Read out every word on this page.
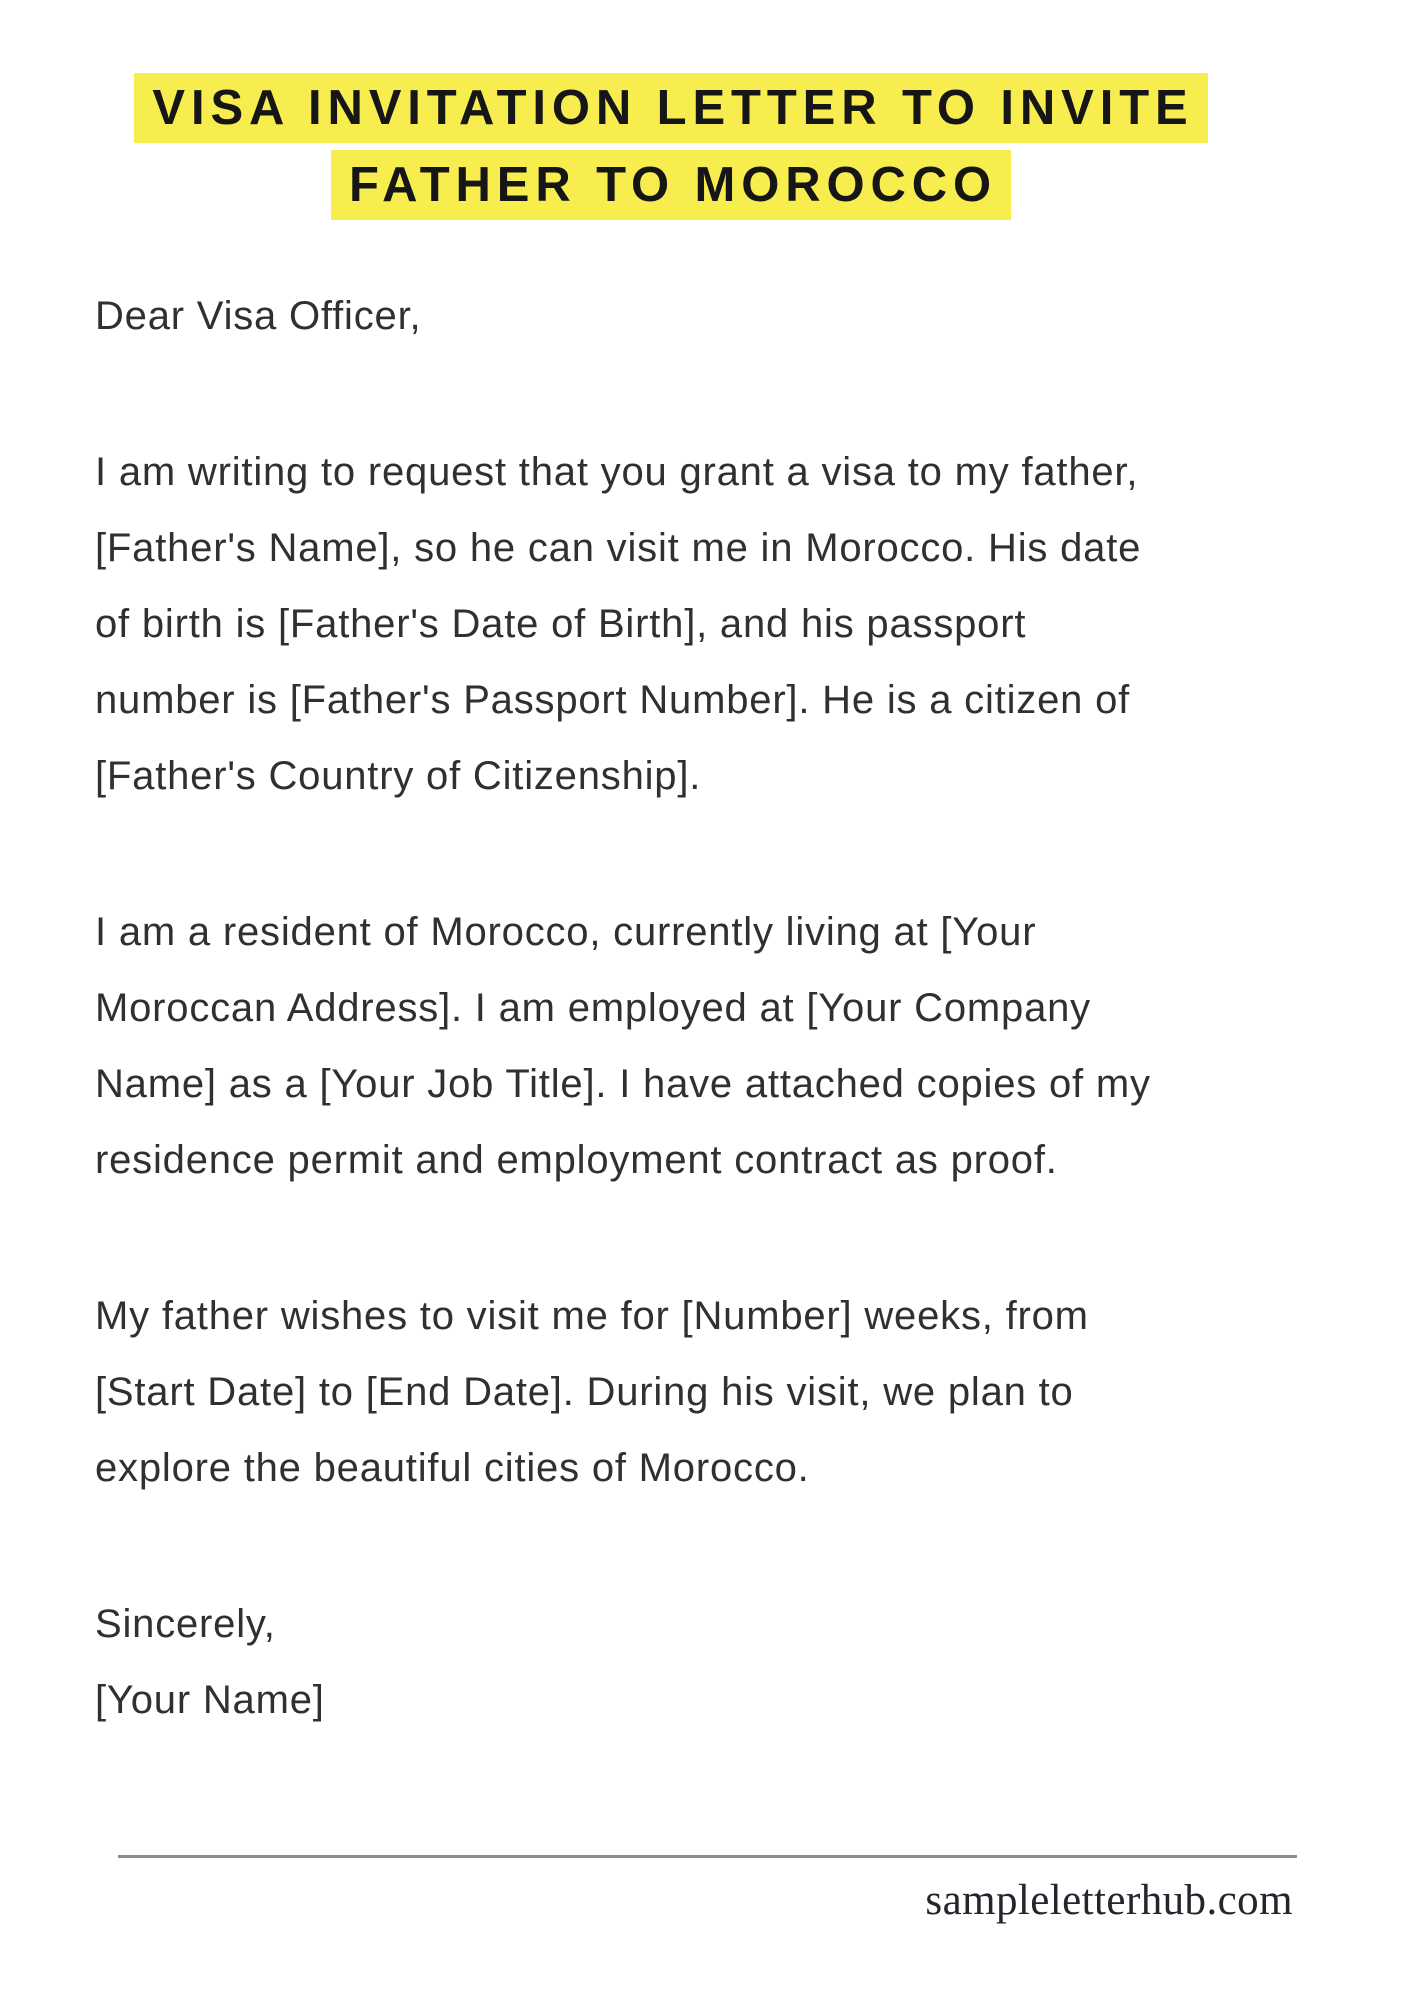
VISA INVITATION LETTER TO INVITE
FATHER TO MOROCCO
Dear Visa Officer,
I am writing to request that you grant a visa to my father,
[Father's Name], so he can visit me in Morocco. His date
of birth is [Father's Date of Birth], and his passport
number is [Father's Passport Number]. He is a citizen of
[Father's Country of Citizenship].
I am a resident of Morocco, currently living at [Your
Moroccan Address]. I am employed at [Your Company
Name] as a [Your Job Title]. I have attached copies of my
residence permit and employment contract as proof.
My father wishes to visit me for [Number] weeks, from
[Start Date] to [End Date]. During his visit, we plan to
explore the beautiful cities of Morocco.
Sincerely,
[Your Name]
sampleletterhub.com
